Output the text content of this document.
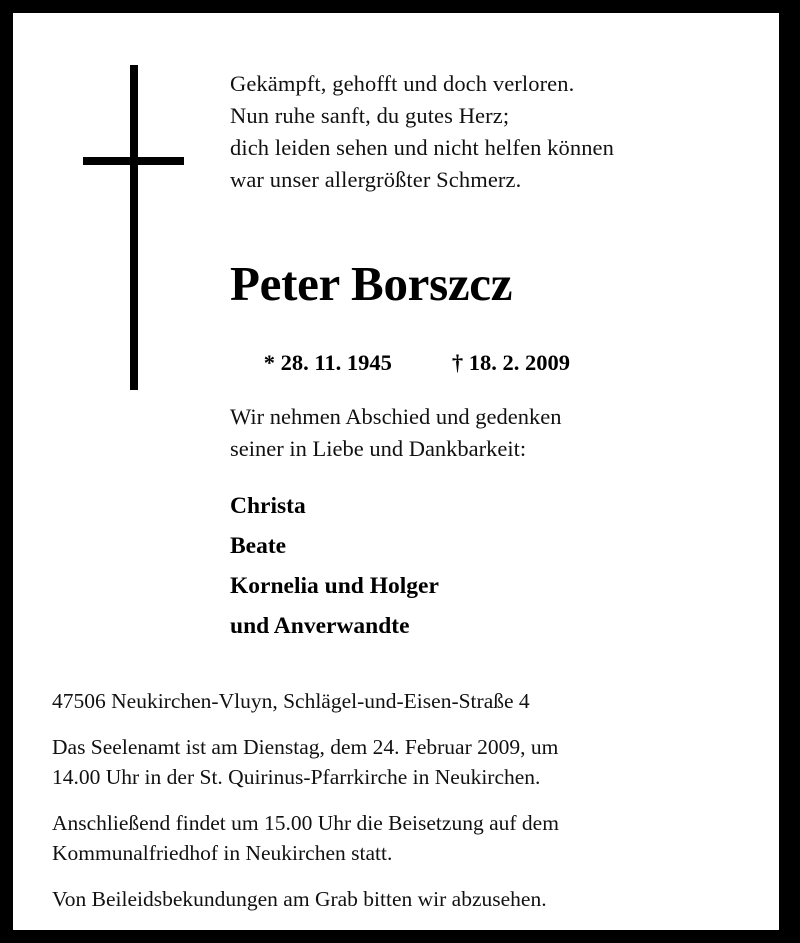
Gekämpft, gehofft und doch verloren.
Nun ruhe sanft, du gutes Herz;
dich leiden sehen und nicht helfen können
war unser allergrößter Schmerz.
Peter Borszcz

* 28. 11. 1945	† 18. 2. 2009

Wir nehmen Abschied und gedenken
seiner in Liebe und Dankbarkeit:
Christa
Beate
Kornelia und Holger
und Anverwandte

47506 Neukirchen-Vluyn, Schlägel-und-Eisen-Straße 4

Das Seelenamt ist am Dienstag, dem 24. Februar 2009, um
14.00 Uhr in der St. Quirinus-Pfarrkirche in Neukirchen.

Anschließend findet um 15.00 Uhr die Beisetzung auf dem
Kommunalfriedhof in Neukirchen statt.

Von Beileidsbekundungen am Grab bitten wir abzusehen.
